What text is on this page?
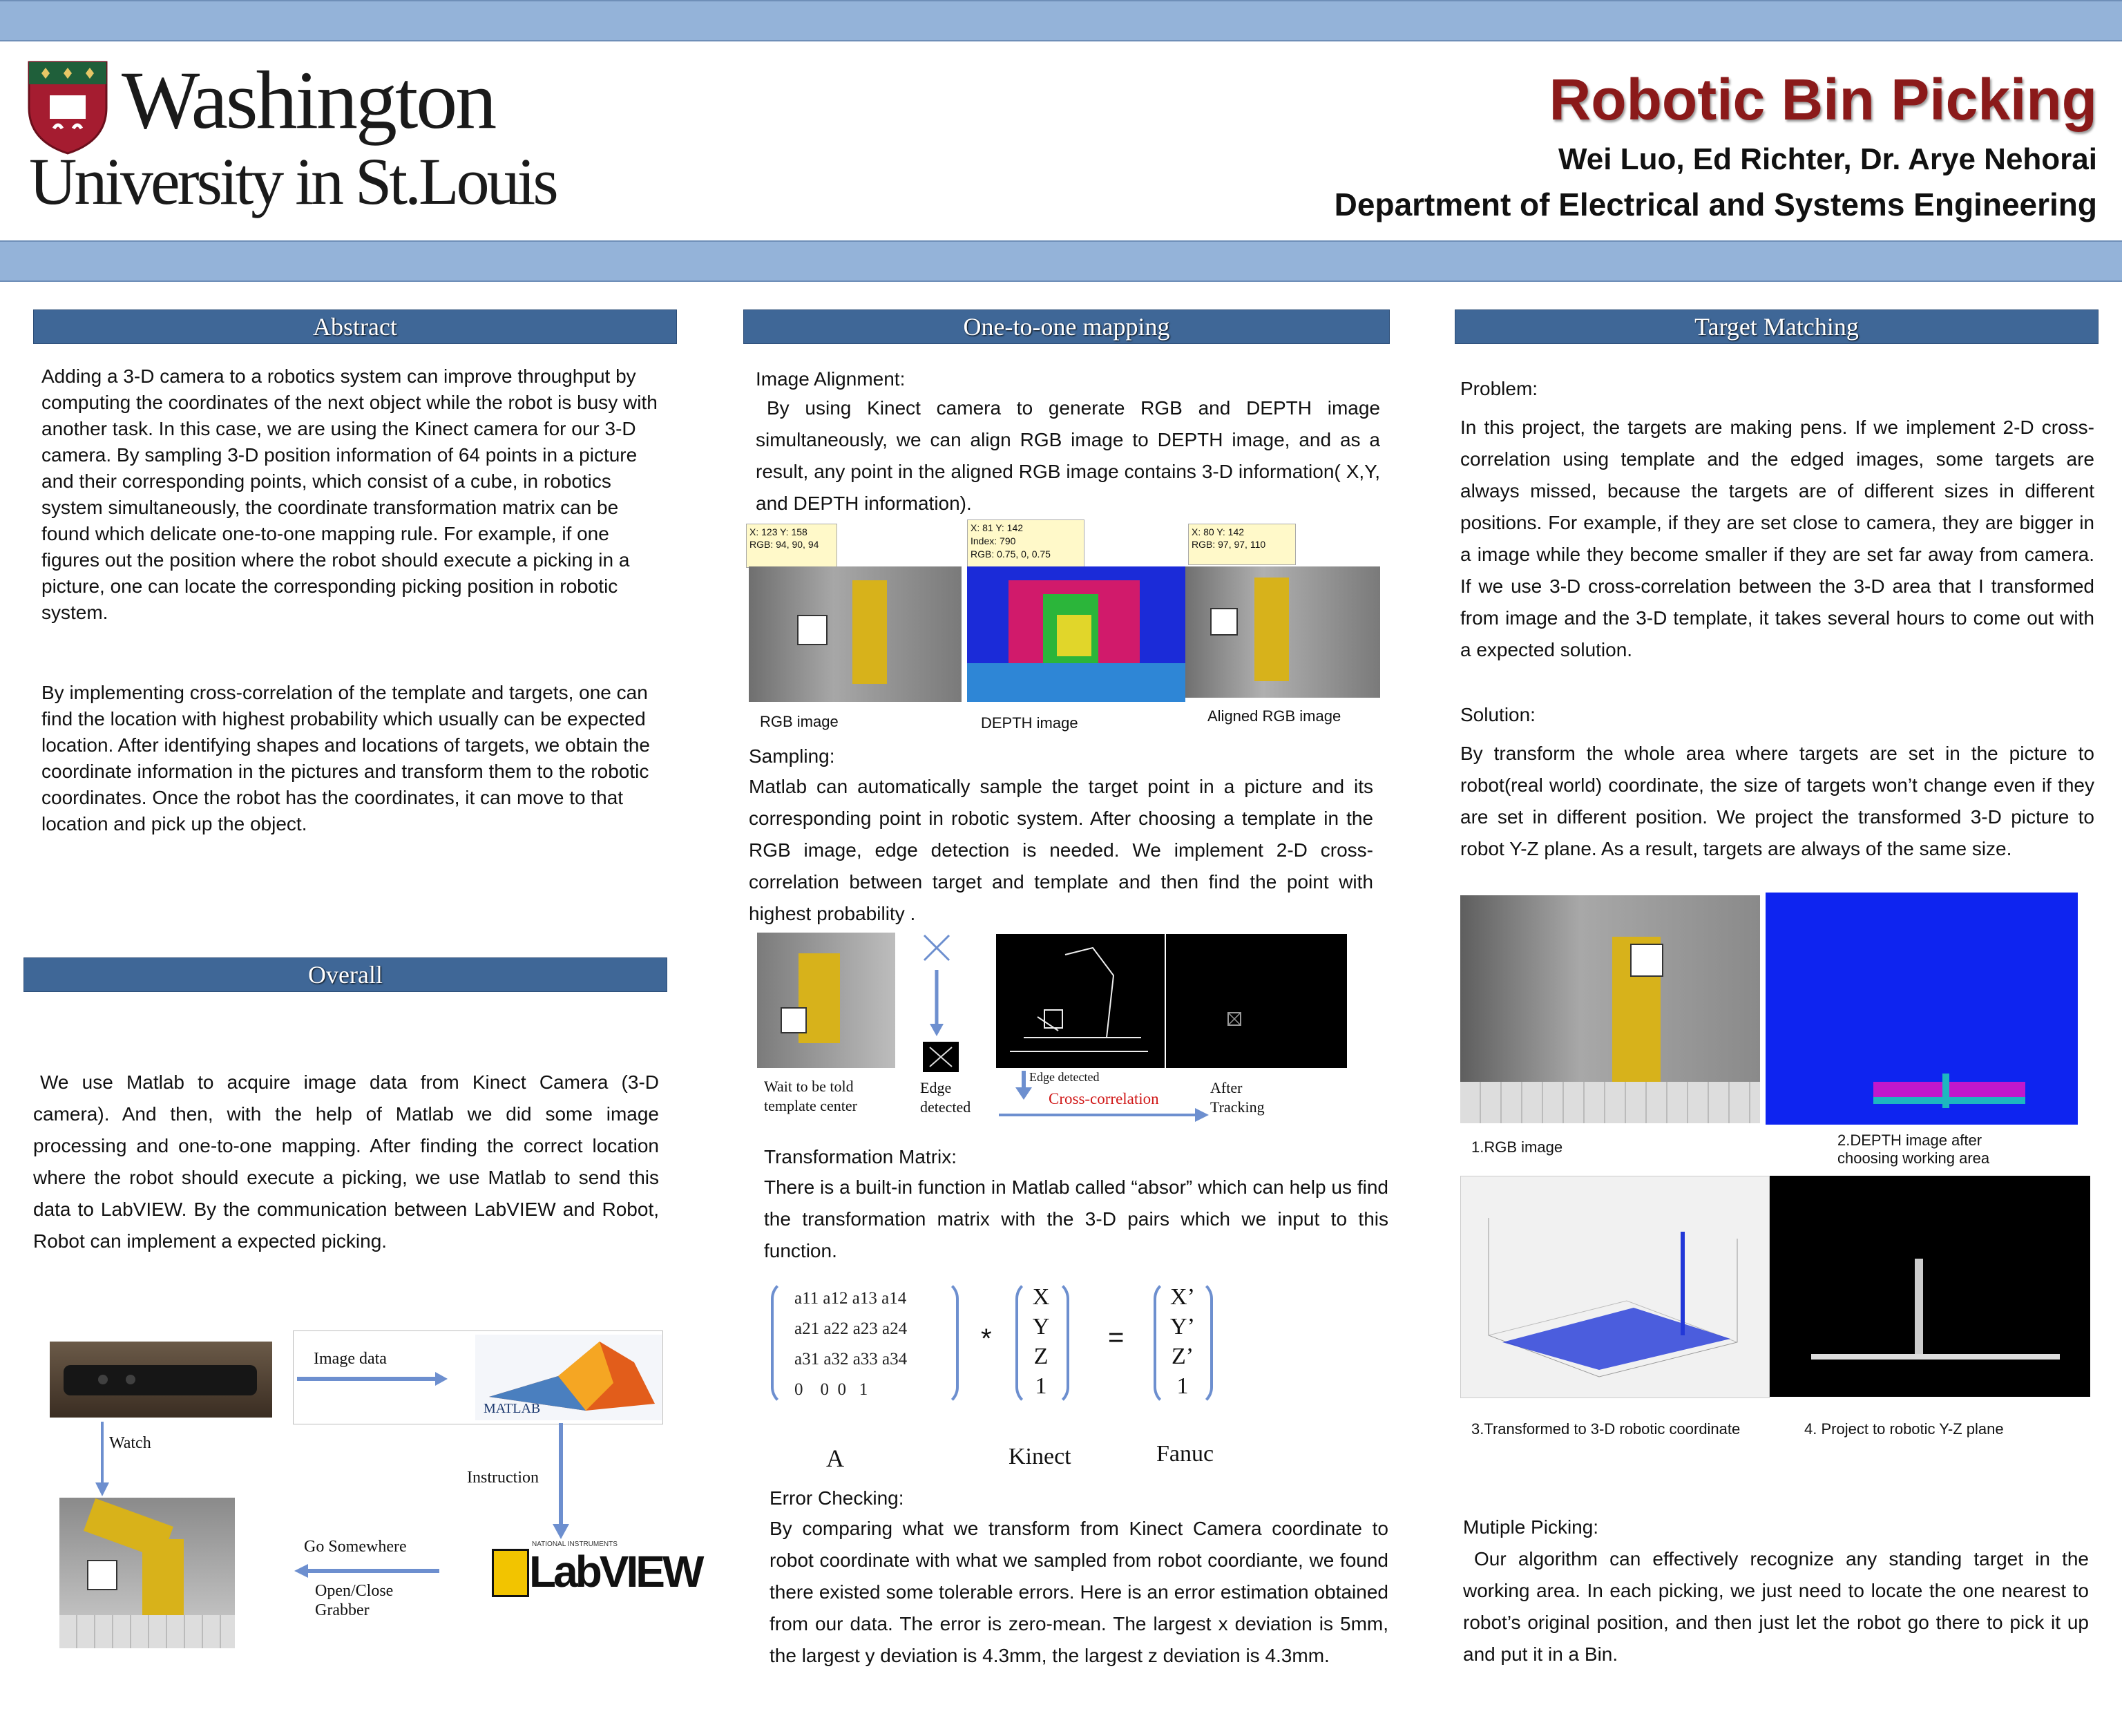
Washington
University in St.Louis
Robotic Bin Picking
Wei Luo, Ed Richter, Dr. Arye Nehorai
Department of Electrical and Systems Engineering
Abstract
Adding a 3-D camera to a robotics system can improve throughput by computing the coordinates of the next object while the robot is busy with another task. In this case, we are using the Kinect camera for our 3-D camera. By sampling 3-D position information of 64 points in a picture and their corresponding points, which consist of a cube, in robotics system simultaneously, the coordinate transformation matrix can be found which delicate one-to-one mapping rule. For example, if one figures out the position where the robot should execute a picking in a picture, one can locate the corresponding picking position in robotic system.
By implementing cross-correlation of the template and targets, one can find the location with highest probability which usually can be expected location. After identifying shapes and locations of targets, we obtain the coordinate information in the pictures and transform them to the robotic coordinates. Once the robot has the coordinates, it can move to that location and pick up the object.
Overall
We use Matlab to acquire image data from Kinect Camera (3-D camera). And then, with the help of Matlab we did some image processing and one-to-one mapping. After finding the correct location where the robot should execute a picking, we use Matlab to send this data to LabVIEW. By the communication between LabVIEW and Robot, Robot can implement a expected picking.
Image data
MATLAB
Watch
Instruction
Go Somewhere
Open/Close
Grabber
NATIONAL INSTRUMENTS
LabVIEW
One-to-one mapping
Image Alignment:
By using Kinect camera to generate RGB and DEPTH image simultaneously, we can align RGB image to DEPTH image, and as a result, any point in the aligned RGB image contains 3-D information( X,Y, and DEPTH information).
X: 123 Y: 158
RGB: 94, 90, 94
X: 81 Y: 142
Index: 790
RGB: 0.75, 0, 0.75
X: 80 Y: 142
RGB: 97, 97, 110
RGB image	DEPTH image	Aligned RGB image
Sampling:
Matlab can automatically sample the target point in a picture and its corresponding point in robotic system. After choosing a template in the RGB image, edge detection is needed. We implement 2-D cross-correlation between target and template and then find the point with highest probability .
Wait to be told
template center
Edge
detected
Edge detected
Cross-correlation
After
Tracking
Transformation Matrix:
There is a built-in function in Matlab called “absor” which can help us find the transformation matrix with the 3-D pairs which we input to this function.
a11 a12 a13 a14
a21 a22 a23 a24
a31 a32 a33 a34
0    0  0   1
*
X
Y
Z
1
=
X’
Y’
Z’
1
A	Kinect	Fanuc
Error Checking:
By comparing what we transform from Kinect Camera coordinate to robot coordinate with what we sampled from robot coordiante, we found there existed some tolerable errors. Here is an error estimation obtained from our data. The error is zero-mean. The largest x deviation is 5mm, the largest y deviation is 4.3mm, the largest z deviation is 4.3mm.
Target Matching
Problem:
In this project, the targets are making pens. If we implement 2-D cross-correlation using template and the edged images, some targets are always missed, because the targets are of different sizes in different positions. For example, if they are set close to camera, they are bigger in a image while they become smaller if they are set far away from camera. If we use 3-D cross-correlation between the 3-D area that I transformed from image and the 3-D template, it takes several hours to come out with a expected solution.
Solution:
By transform the whole area where targets are set in the picture to robot(real world) coordinate, the size of targets won’t change even if they are set in different position. We project the transformed 3-D picture to robot Y-Z plane. As a result, targets are always of the same size.
1.RGB image	2.DEPTH image after
choosing working area
3.Transformed to 3-D robotic coordinate	4. Project to robotic Y-Z plane
Mutiple Picking:
Our algorithm can effectively recognize any standing target in the working area. In each picking, we just need to locate the one nearest to robot’s original position, and then just let the robot go there to pick it up and put it in a Bin.
